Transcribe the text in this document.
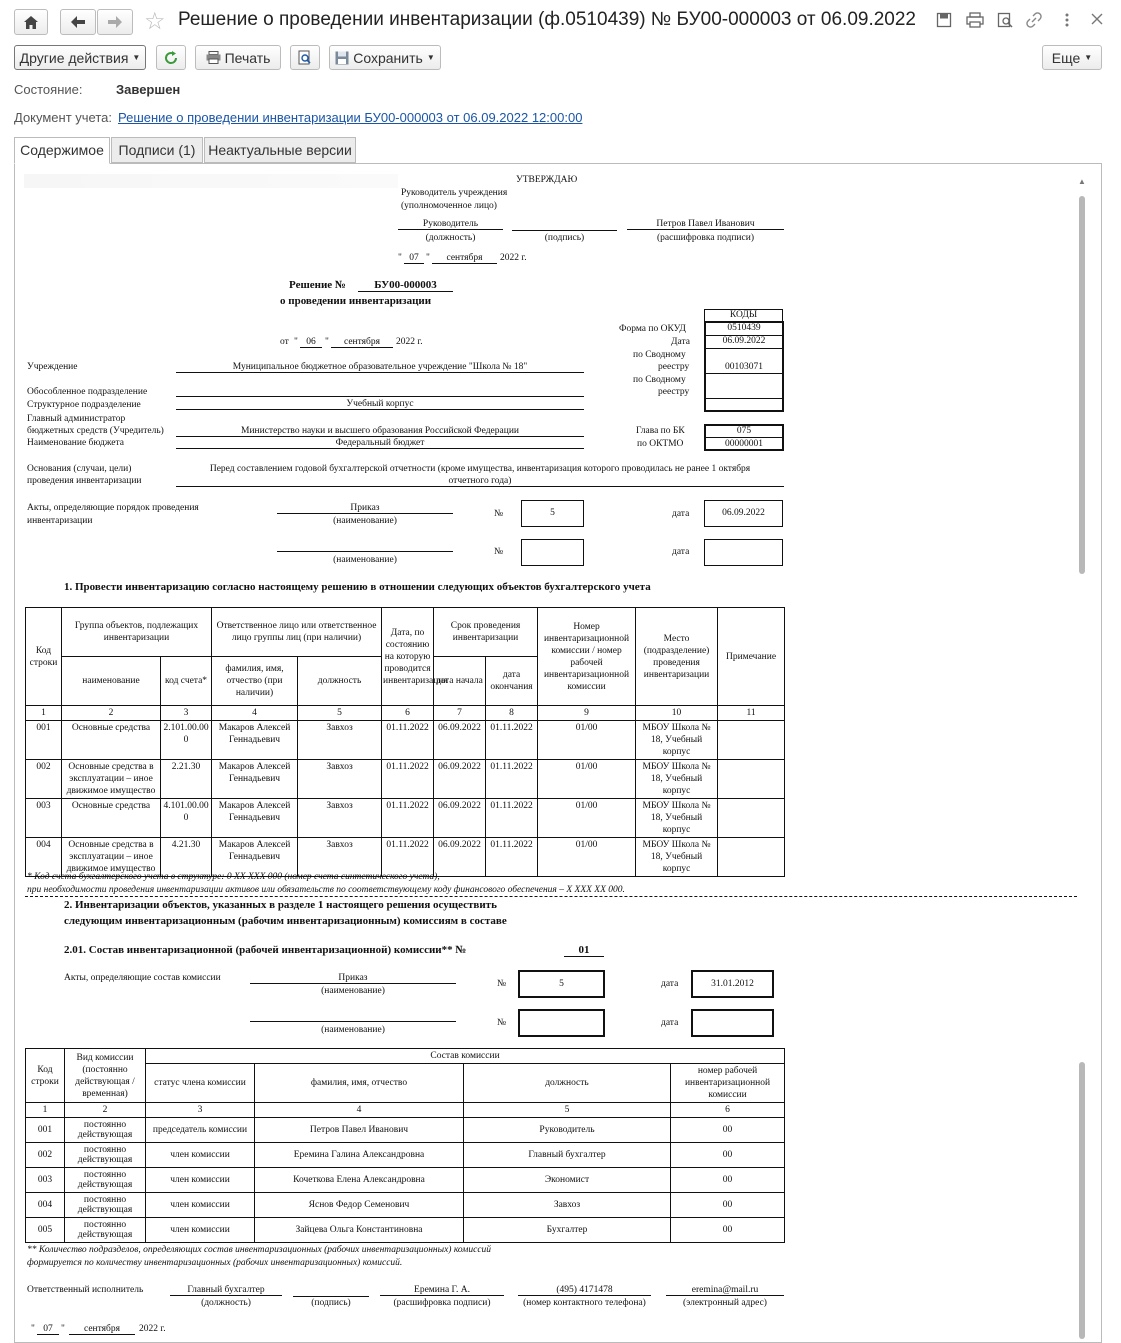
☆ Решение о проведении инвентаризации (ф.0510439) № БУ00-000003 от 06.09.2022
Другие действия ▼	Печать	Сохранить ▼	Еще ▼
Состояние:	Завершен
Документ учета: Решение о проведении инвентаризации БУ00-000003 от 06.09.2022 12:00:00
Содержимое	Подписи (1) Неактуальные версии
▲
УТВЕРЖДАЮ
Руководитель учреждения
(уполномоченное лицо)
Руководитель
(должность)	(подпись)
Петров Павел Иванович
(расшифровка подписи)
" 07 "	сентября	2022 г.
Решение №	БУ00-000003
о проведении инвентаризации
от " 06 "	сентября	2022 г.
КОДЫ
Форма по ОКУД	0510439
Дата	06.09.2022
по Сводному
реестру	00103071
по Сводному
реестру
Глава по БК	075
по ОКТМО	00000001
Учреждение	Муниципальное бюджетное образовательное учреждение "Школа № 18"
Обособленное подразделение
Структурное подразделение	Учебный корпус
Главный администратор
бюджетных средств (Учредитель)	Министерство науки и высшего образования Российской Федерации
Наименование бюджета	Федеральный бюджет
Основания (случаи, цели)
проведения инвентаризации
Перед составлением годовой бухгалтерской отчетности (кроме имущества, инвентаризация которого проводилась не ранее 1 октября
отчетного года)
Акты, определяющие порядок проведения
инвентаризации
Приказ
(наименование)
№	5	дата	06.09.2022
(наименование)
№	дата
1. Провести инвентаризацию согласно настоящему решению в отношении следующих объектов бухгалтерского учета
Код строки	Группа объектов, подлежащих инвентаризации		Ответственное лицо или ответственное лицо группы лиц (при наличии)		Дата, по состоянию на которую проводится инвентаризация	Срок проведения инвентаризации		Номер инвентаризационной комиссии / номер рабочей инвентаризационной комиссии	Место (подразделение) проведения инвентаризации	Примечание
	наименование	код счета*	фамилия, имя, отчество (при наличии)	должность		дата начала	дата окончания			
1	2	3	4	5	6	7	8	9	10	11
001	Основные средства	2.101.00.000	Макаров Алексей Геннадьевич	Завхоз	01.11.2022	06.09.2022	01.11.2022	01/00	МБОУ Школа № 18, Учебный корпус	
002	Основные средства в эксплуатации – иное движимое имущество	2.21.30	Макаров Алексей Геннадьевич	Завхоз	01.11.2022	06.09.2022	01.11.2022	01/00	МБОУ Школа № 18, Учебный корпус	
003	Основные средства	4.101.00.000	Макаров Алексей Геннадьевич	Завхоз	01.11.2022	06.09.2022	01.11.2022	01/00	МБОУ Школа № 18, Учебный корпус	
004	Основные средства в эксплуатации – иное движимое имущество	4.21.30	Макаров Алексей Геннадьевич	Завхоз	01.11.2022	06.09.2022	01.11.2022	01/00	МБОУ Школа № 18, Учебный корпус	
* Код счета бухгалтерского учета в структуре: 0 ХХ ХХХ 000 (номер счета синтетического учета),
при необходимости проведения инвентаризации активов или обязательств по соответствующему коду финансового обеспечения – Х ХХХ ХХ 000.
2. Инвентаризации объектов, указанных в разделе 1 настоящего решения осуществить
следующим инвентаризационным (рабочим инвентаризационным) комиссиям в составе
2.01. Состав инвентаризационной (рабочей инвентаризационной) комиссии** №	01
Акты, определяющие состав комиссии	Приказ
(наименование)
№	5	дата	31.01.2012
(наименование)
№	дата
Код строки	Вид комиссии (постоянно действующая / временная)	Состав комиссии			
		статус члена комиссии	фамилия, имя, отчество	должность	номер рабочей инвентаризационной комиссии
1	2	3	4	5	6
001	постоянно действующая	председатель комиссии	Петров Павел Иванович	Руководитель	00
002	постоянно действующая	член комиссии	Еремина Галина Александровна	Главный бухгалтер	00
003	постоянно действующая	член комиссии	Кочеткова Елена Александровна	Экономист	00
004	постоянно действующая	член комиссии	Яснов Федор Семенович	Завхоз	00
005	постоянно действующая	член комиссии	Зайцева Ольга Константиновна	Бухгалтер	00
** Количество подразделов, определяющих состав инвентаризационных (рабочих инвентаризационных) комиссий
формируется по количеству инвентаризационных (рабочих инвентаризационных) комиссий.
Ответственный исполнитель	Главный бухгалтер
(должность)	(подпись)
Еремина Г. А.
(расшифровка подписи)
(495) 4171478
(номер контактного телефона)
eremina@mail.ru
(электронный адрес)
" 07 "	сентября	2022 г.
